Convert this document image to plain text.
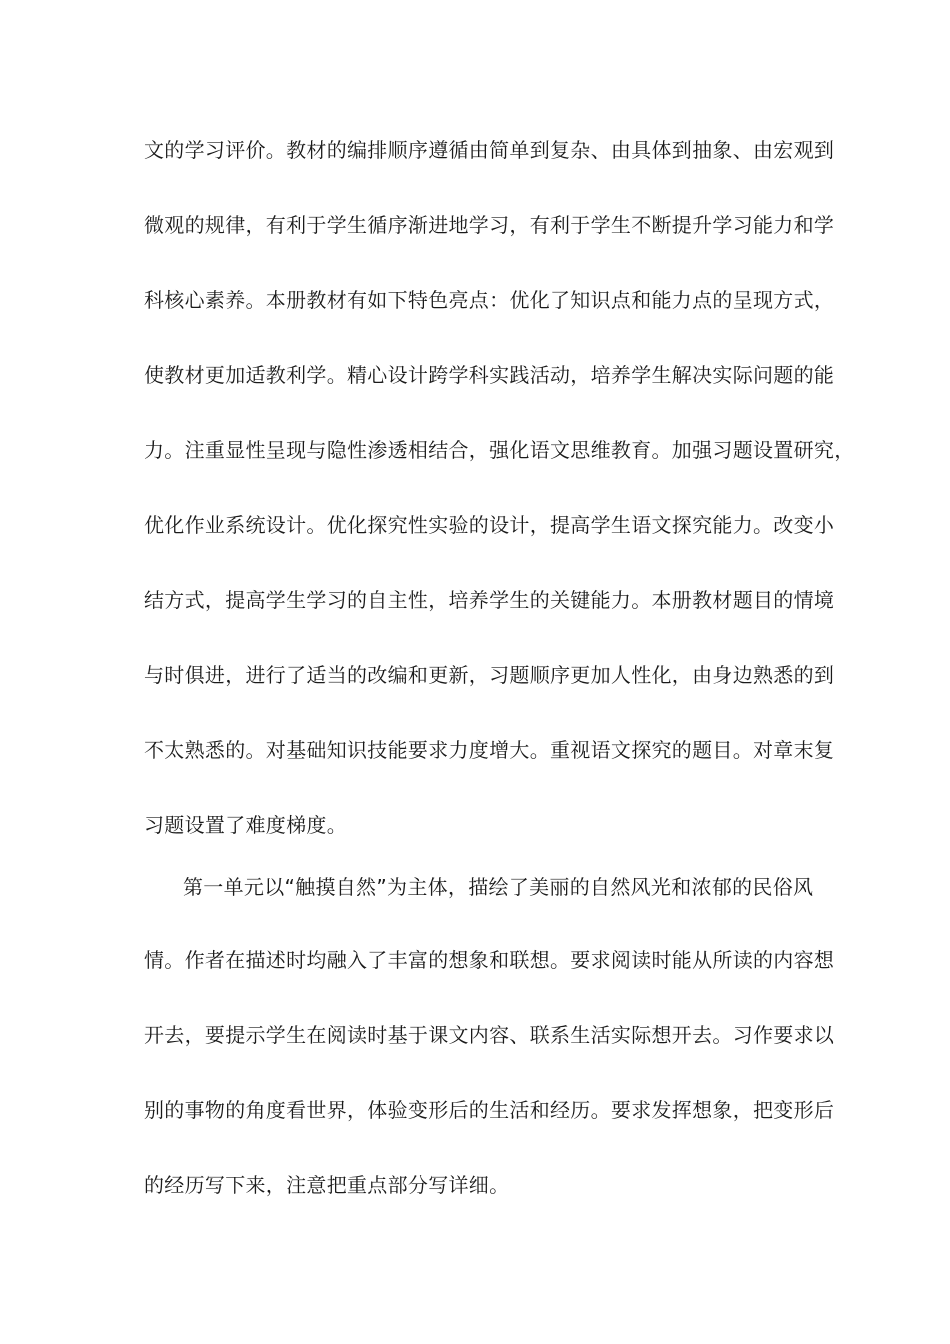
文的学习评价。教材的编排顺序遵循由简单到复杂、由具体到抽象、由宏观到
微观的规律，有利于学生循序渐进地学习，有利于学生不断提升学习能力和学
科核心素养。本册教材有如下特色亮点：优化了知识点和能力点的呈现方式，
使教材更加适教利学。精心设计跨学科实践活动，培养学生解决实际问题的能
力。注重显性呈现与隐性渗透相结合，强化语文思维教育。加强习题设置研究，
优化作业系统设计。优化探究性实验的设计，提高学生语文探究能力。改变小
结方式，提高学生学习的自主性，培养学生的关键能力。本册教材题目的情境
与时俱进，进行了适当的改编和更新，习题顺序更加人性化，由身边熟悉的到
不太熟悉的。对基础知识技能要求力度增大。重视语文探究的题目。对章末复
习题设置了难度梯度。
第一单元以“触摸自然”为主体，描绘了美丽的自然风光和浓郁的民俗风
情。作者在描述时均融入了丰富的想象和联想。要求阅读时能从所读的内容想
开去，要提示学生在阅读时基于课文内容、联系生活实际想开去。习作要求以
别的事物的角度看世界，体验变形后的生活和经历。要求发挥想象，把变形后
的经历写下来，注意把重点部分写详细。
